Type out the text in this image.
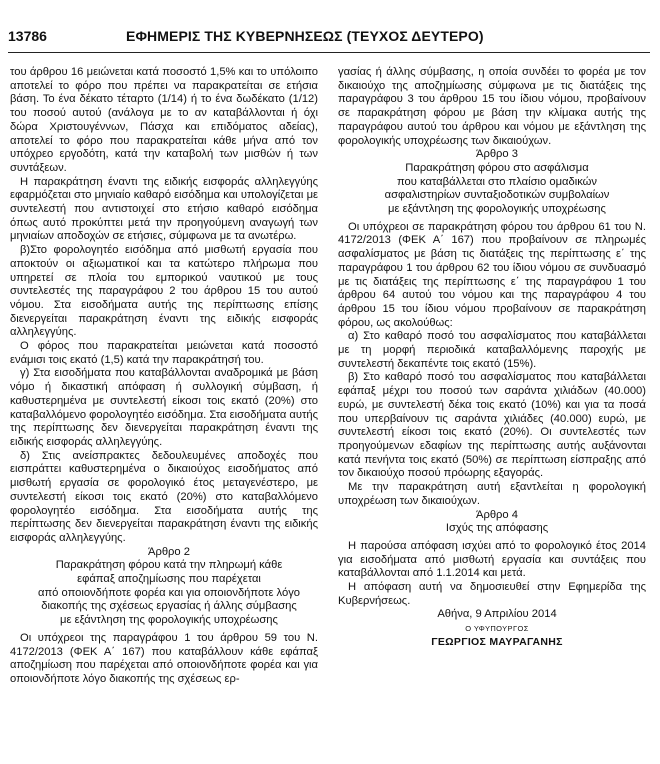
13786	ΕΦΗΜΕΡΙΣ ΤΗΣ ΚΥΒΕΡΝΗΣΕΩΣ (ΤΕΥΧΟΣ ΔΕΥΤΕΡΟ)

του άρθρου 16 μειώνεται κατά ποσοστό 1,5% και το υπόλοιπο αποτελεί το φόρο που πρέπει να παρακρατείται σε ετήσια βάση. Το ένα δέκατο τέταρτο (1/14) ή το ένα δωδέκατο (1/12) του ποσού αυτού (ανάλογα με το αν καταβάλλονται ή όχι δώρα Χριστουγέννων, Πάσχα και επιδόματος αδείας), αποτελεί το φόρο που παρακρατείται κάθε μήνα από τον υπόχρεο εργοδότη, κατά την καταβολή των μισθών ή των συντάξεων.

Η παρακράτηση έναντι της ειδικής εισφοράς αλληλεγγύης εφαρμόζεται στο μηνιαίο καθαρό εισόδημα και υπολογίζεται με συντελεστή που αντιστοιχεί στο ετήσιο καθαρό εισόδημα όπως αυτό προκύπτει μετά την προηγούμενη αναγωγή των μηνιαίων αποδοχών σε ετήσιες, σύμφωνα με τα ανωτέρω.

β)Στο φορολογητέο εισόδημα από μισθωτή εργασία που αποκτούν οι αξιωματικοί και τα κατώτερο πλήρωμα που υπηρετεί σε πλοία του εμπορικού ναυτικού με τους συντελεστές της παραγράφου 2 του άρθρου 15 του αυτού νόμου. Στα εισοδήματα αυτής της περίπτωσης επίσης διενεργείται παρακράτηση έναντι της ειδικής εισφοράς αλληλεγγύης.

Ο φόρος που παρακρατείται μειώνεται κατά ποσοστό ενάμισι τοις εκατό (1,5) κατά την παρακράτησή του.

γ) Στα εισοδήματα που καταβάλλονται αναδρομικά με βάση νόμο ή δικαστική απόφαση ή συλλογική σύμβαση, ή καθυστερημένα με συντελεστή είκοσι τοις εκατό (20%) στο καταβαλλόμενο φορολογητέο εισόδημα. Στα εισοδήματα αυτής της περίπτωσης δεν διενεργείται παρακράτηση έναντι της ειδικής εισφοράς αλληλεγγύης.

δ) Στις ανείσπρακτες δεδουλευμένες αποδοχές που εισπράττει καθυστερημένα ο δικαιούχος εισοδήματος από μισθωτή εργασία σε φορολογικό έτος μεταγενέστερο, με συντελεστή είκοσι τοις εκατό (20%) στο καταβαλλόμενο φορολογητέο εισόδημα. Στα εισοδήματα αυτής της περίπτωσης δεν διενεργείται παρακράτηση έναντι της ειδικής εισφοράς αλληλεγγύης.

Άρθρο 2

Παρακράτηση φόρου κατά την πληρωμή κάθε

εφάπαξ αποζημίωσης που παρέχεται

από οποιονδήποτε φορέα και για οποιονδήποτε λόγο

διακοπής της σχέσεως εργασίας ή άλλης σύμβασης

με εξάντληση της φορολογικής υποχρέωσης

Οι υπόχρεοι της παραγράφου 1 του άρθρου 59 του Ν. 4172/2013 (ΦΕΚ Α΄ 167) που καταβάλλουν κάθε εφάπαξ αποζημίωση που παρέχεται από οποιονδήποτε φορέα και για οποιονδήποτε λόγο διακοπής της σχέσεως ερ-

γασίας ή άλλης σύμβασης, η οποία συνδέει το φορέα με τον δικαιούχο της αποζημίωσης σύμφωνα με τις διατάξεις της παραγράφου 3 του άρθρου 15 του ίδιου νόμου, προβαίνουν σε παρακράτηση φόρου με βάση την κλίμακα αυτής της παραγράφου αυτού του άρθρου και νόμου με εξάντληση της φορολογικής υποχρέωσης των δικαιούχων.

Άρθρο 3

Παρακράτηση φόρου στο ασφάλισμα

που καταβάλλεται στο πλαίσιο ομαδικών

ασφαλιστηρίων συνταξιοδοτικών συμβολαίων

με εξάντληση της φορολογικής υποχρέωσης

Οι υπόχρεοι σε παρακράτηση φόρου του άρθρου 61 του Ν. 4172/2013 (ΦΕΚ Α΄ 167) που προβαίνουν σε πληρωμές ασφαλίσματος με βάση τις διατάξεις της περίπτωσης ε΄ της παραγράφου 1 του άρθρου 62 του ίδιου νόμου σε συνδυασμό με τις διατάξεις της περίπτωσης ε΄ της παραγράφου 1 του άρθρου 64 αυτού του νόμου και της παραγράφου 4 του άρθρου 15 του ίδιου νόμου προβαίνουν σε παρακράτηση φόρου, ως ακολούθως:

α) Στο καθαρό ποσό του ασφαλίσματος που καταβάλλεται με τη μορφή περιοδικά καταβαλλόμενης παροχής με συντελεστή δεκαπέντε τοις εκατό (15%).

β) Στο καθαρό ποσό του ασφαλίσματος που καταβάλλεται εφάπαξ μέχρι του ποσού των σαράντα χιλιάδων (40.000) ευρώ, με συντελεστή δέκα τοις εκατό (10%) και για τα ποσά που υπερβαίνουν τις σαράντα χιλιάδες (40.000) ευρώ, με συντελεστή είκοσι τοις εκατό (20%). Οι συντελεστές των προηγούμενων εδαφίων της περίπτωσης αυτής αυξάνονται κατά πενήντα τοις εκατό (50%) σε περίπτωση είσπραξης από τον δικαιούχο ποσού πρόωρης εξαγοράς.

Με την παρακράτηση αυτή εξαντλείται η φορολογική υποχρέωση των δικαιούχων.

Άρθρο 4

Ισχύς της απόφασης

Η παρούσα απόφαση ισχύει από το φορολογικό έτος 2014 για εισοδήματα από μισθωτή εργασία και συντάξεις που καταβάλλονται από 1.1.2014 και μετά.

Η απόφαση αυτή να δημοσιευθεί στην Εφημερίδα της Κυβερνήσεως.

Αθήνα, 9 Απριλίου 2014

Ο ΥΦΥΠΟΥΡΓΟΣ

ΓΕΩΡΓΙΟΣ ΜΑΥΡΑΓΑΝΗΣ
